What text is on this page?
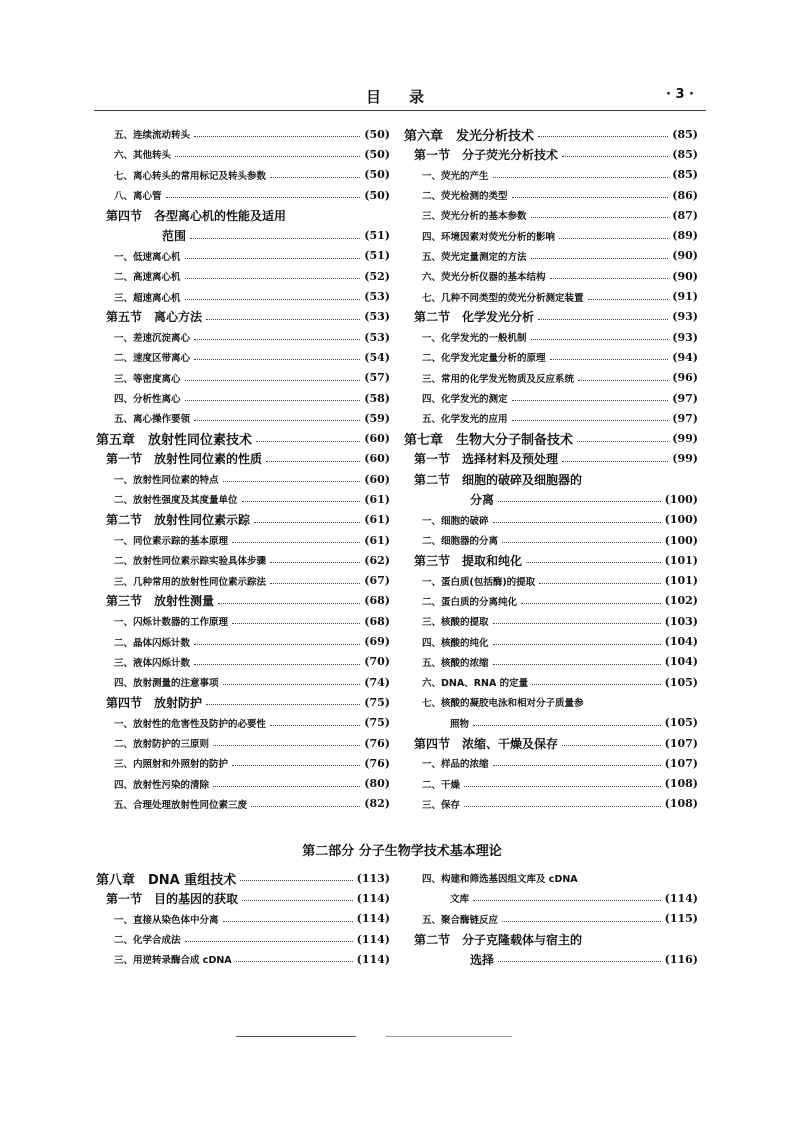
目录	· 3 ·
五、连续流动转头	(50)
六、其他转头	(50)
七、离心转头的常用标记及转头参数	(50)
八、离心管	(50)
第四节　各型离心机的性能及适用
范围	(51)
一、低速离心机	(51)
二、高速离心机	(52)
三、超速离心机	(53)
第五节　离心方法	(53)
一、差速沉淀离心	(53)
二、速度区带离心	(54)
三、等密度离心	(57)
四、分析性离心	(58)
五、离心操作要领	(59)
第五章　放射性同位素技术	(60)
第一节　放射性同位素的性质	(60)
一、放射性同位素的特点	(60)
二、放射性强度及其度量单位	(61)
第二节　放射性同位素示踪	(61)
一、同位素示踪的基本原理	(61)
二、放射性同位素示踪实验具体步骤	(62)
三、几种常用的放射性同位素示踪法	(67)
第三节　放射性测量	(68)
一、闪烁计数器的工作原理	(68)
二、晶体闪烁计数	(69)
三、液体闪烁计数	(70)
四、放射测量的注意事项	(74)
第四节　放射防护	(75)
一、放射性的危害性及防护的必要性	(75)
二、放射防护的三原则	(76)
三、内照射和外照射的防护	(76)
四、放射性污染的清除	(80)
五、合理处理放射性同位素三废	(82)
第六章　发光分析技术	(85)
第一节　分子荧光分析技术	(85)
一、荧光的产生	(85)
二、荧光检测的类型	(86)
三、荧光分析的基本参数	(87)
四、环境因素对荧光分析的影响	(89)
五、荧光定量测定的方法	(90)
六、荧光分析仪器的基本结构	(90)
七、几种不同类型的荧光分析测定装置	(91)
第二节　化学发光分析	(93)
一、化学发光的一般机制	(93)
二、化学发光定量分析的原理	(94)
三、常用的化学发光物质及反应系统	(96)
四、化学发光的测定	(97)
五、化学发光的应用	(97)
第七章　生物大分子制备技术	(99)
第一节　选择材料及预处理	(99)
第二节　细胞的破碎及细胞器的
分离	(100)
一、细胞的破碎	(100)
二、细胞器的分离	(100)
第三节　提取和纯化	(101)
一、蛋白质(包括酶)的提取	(101)
二、蛋白质的分离纯化	(102)
三、核酸的提取	(103)
四、核酸的纯化	(104)
五、核酸的浓缩	(104)
六、DNA、RNA 的定量	(105)
七、核酸的凝胶电泳和相对分子质量参
照物	(105)
第四节　浓缩、干燥及保存	(107)
一、样品的浓缩	(107)
二、干燥	(108)
三、保存	(108)
第二部分 分子生物学技术基本理论
第八章　DNA 重组技术	(113)
第一节　目的基因的获取	(114)
一、直接从染色体中分离	(114)
二、化学合成法	(114)
三、用逆转录酶合成 cDNA	(114)
四、构建和筛选基因组文库及 cDNA
文库	(114)
五、聚合酶链反应	(115)
第二节　分子克隆载体与宿主的
选择	(116)
